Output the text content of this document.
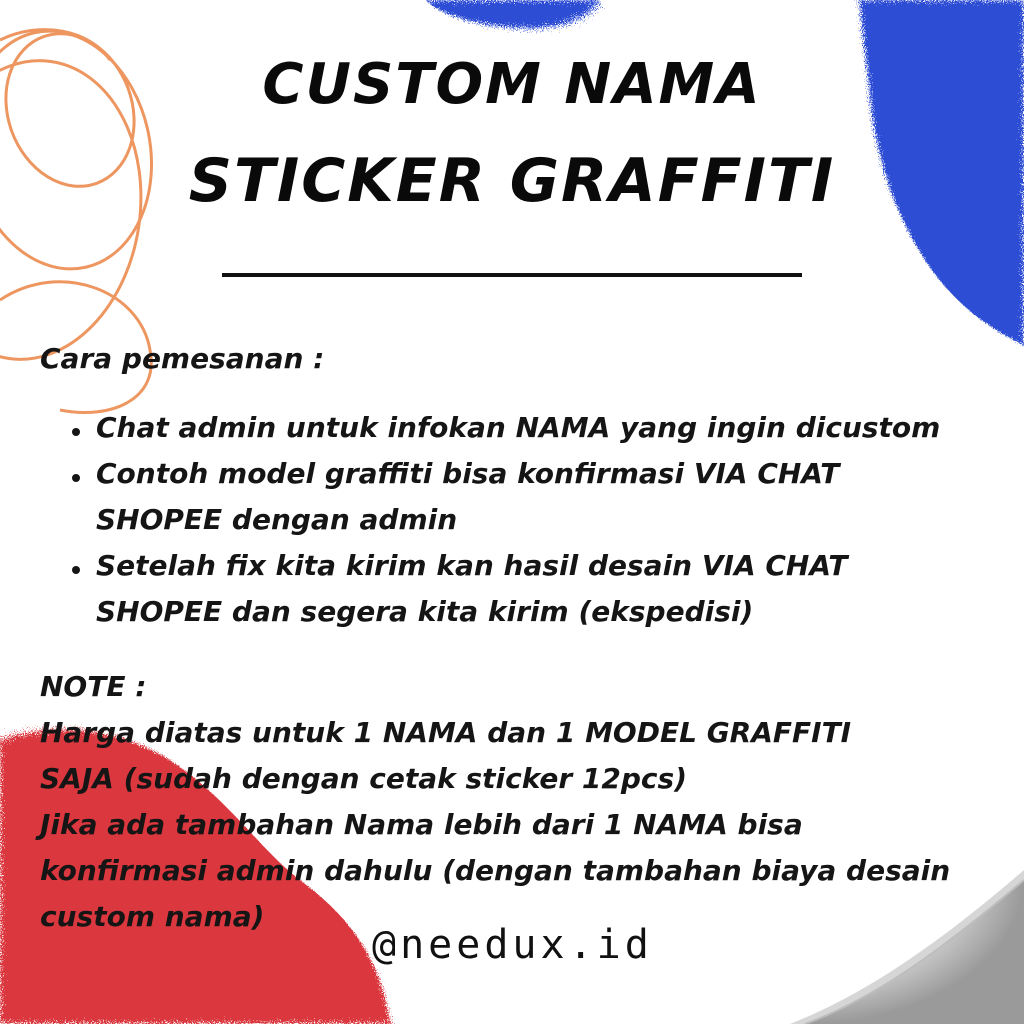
CUSTOM NAMA
STICKER GRAFFITI
Cara pemesanan :
Chat admin untuk infokan NAMA yang ingin dicustom
Contoh model graffiti bisa konfirmasi VIA CHAT
SHOPEE dengan admin
Setelah fix kita kirim kan hasil desain VIA CHAT
SHOPEE dan segera kita kirim (ekspedisi)
NOTE :
Harga diatas untuk 1 NAMA dan 1 MODEL GRAFFITI
SAJA (sudah dengan cetak sticker 12pcs)
Jika ada tambahan Nama lebih dari 1 NAMA bisa
konfirmasi admin dahulu (dengan tambahan biaya desain
custom nama)
@needux.id
